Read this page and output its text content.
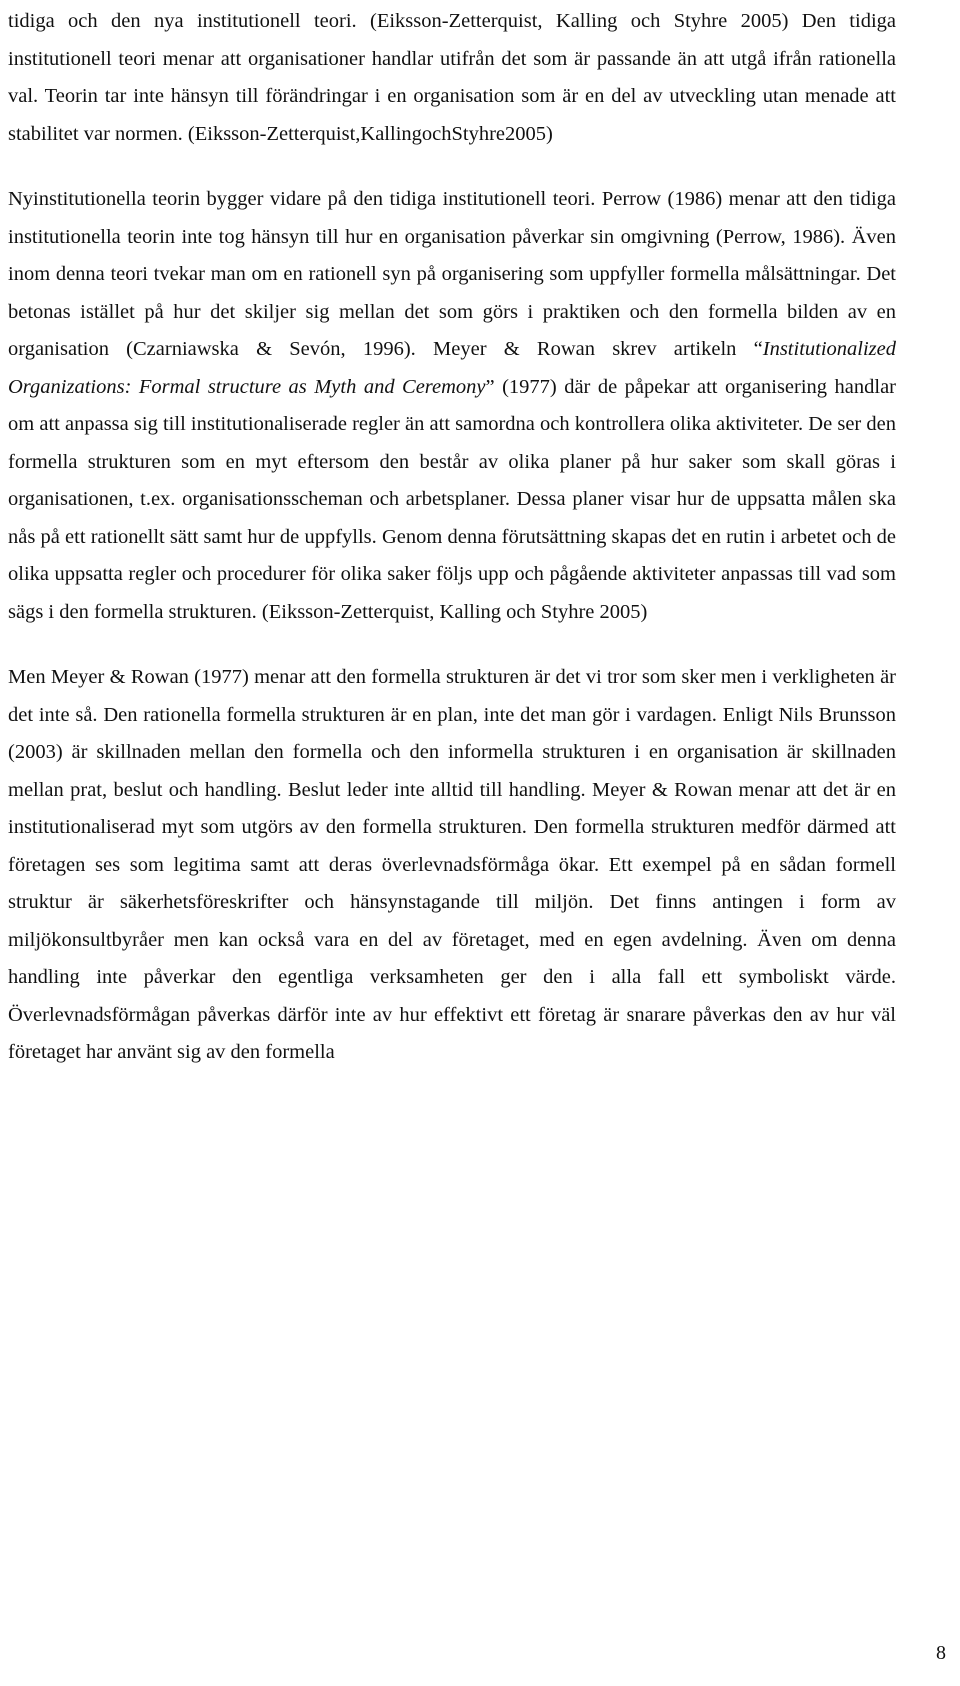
tidiga och den nya institutionell teori. (Eiksson-Zetterquist, Kalling och Styhre 2005) Den tidiga institutionell teori menar att organisationer handlar utifrån det som är passande än att utgå ifrån rationella val. Teorin tar inte hänsyn till förändringar i en organisation som är en del av utveckling utan menade att stabilitet var normen. (Eiksson-Zetterquist,KallingochStyhre2005)

Nyinstitutionella teorin bygger vidare på den tidiga institutionell teori. Perrow (1986) menar att den tidiga institutionella teorin inte tog hänsyn till hur en organisation påverkar sin omgivning (Perrow, 1986). Även inom denna teori tvekar man om en rationell syn på organisering som uppfyller formella målsättningar. Det betonas istället på hur det skiljer sig mellan det som görs i praktiken och den formella bilden av en organisation (Czarniawska & Sevón, 1996). Meyer & Rowan skrev artikeln “Institutionalized Organizations: Formal structure as Myth and Ceremony” (1977) där de påpekar att organisering handlar om att anpassa sig till institutionaliserade regler än att samordna och kontrollera olika aktiviteter. De ser den formella strukturen som en myt eftersom den består av olika planer på hur saker som skall göras i organisationen, t.ex. organisationsscheman och arbetsplaner. Dessa planer visar hur de uppsatta målen ska nås på ett rationellt sätt samt hur de uppfylls. Genom denna förutsättning skapas det en rutin i arbetet och de olika uppsatta regler och procedurer för olika saker följs upp och pågående aktiviteter anpassas till vad som sägs i den formella strukturen. (Eiksson-Zetterquist, Kalling och Styhre 2005)

Men Meyer & Rowan (1977) menar att den formella strukturen är det vi tror som sker men i verkligheten är det inte så. Den rationella formella strukturen är en plan, inte det man gör i vardagen. Enligt Nils Brunsson (2003) är skillnaden mellan den formella och den informella strukturen i en organisation är skillnaden mellan prat, beslut och handling. Beslut leder inte alltid till handling. Meyer & Rowan menar att det är en institutionaliserad myt som utgörs av den formella strukturen. Den formella strukturen medför därmed att företagen ses som legitima samt att deras överlevnadsförmåga ökar. Ett exempel på en sådan formell struktur är säkerhetsföreskrifter och hänsynstagande till miljön. Det finns antingen i form av miljökonsultbyråer men kan också vara en del av företaget, med en egen avdelning. Även om denna handling inte påverkar den egentliga verksamheten ger den i alla fall ett symboliskt värde. Överlevnadsförmågan påverkas därför inte av hur effektivt ett företag är snarare påverkas den av hur väl företaget har använt sig av den formella

8
